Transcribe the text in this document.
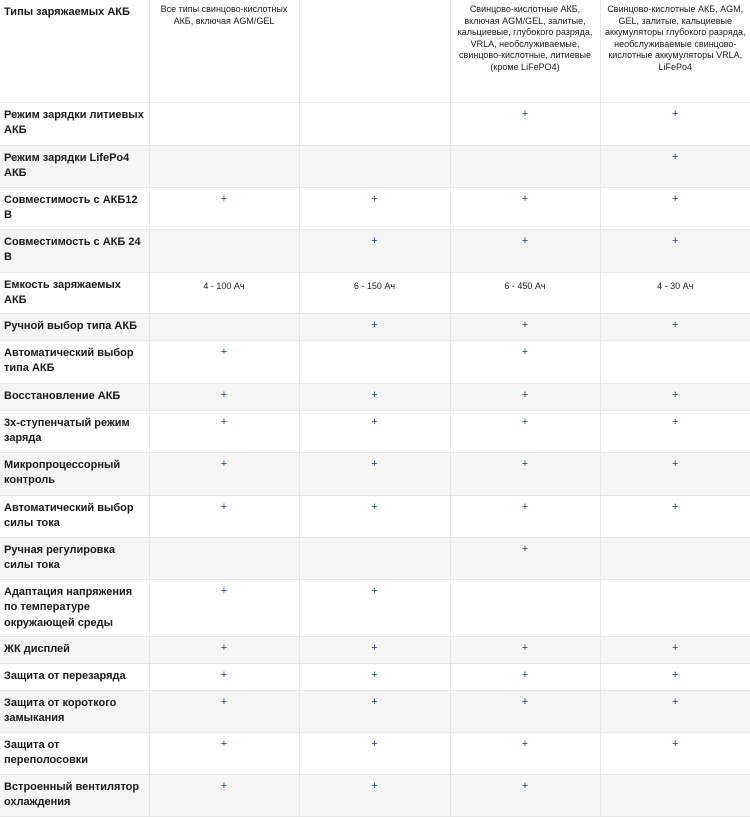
Типы заряжаемых АКБ	Все типы свинцово-кислотных АКБ, включая AGM/GEL		Свинцово-кислотные АКБ, включая AGM/GEL, залитые, кальциевые, глубокого разряда, VRLA, необслуживаемые, свинцово-кислотные, литиевые (кроме LiFePO4)	Свинцово-кислотные АКБ, AGM, GEL, залитые, кальциевые аккумуляторы глубокого разряда, необслуживаемые свинцово-кислотные аккумуляторы VRLA, LiFePo4
Режим зарядки литиевых АКБ			+	+
Режим зарядки LifePo4 АКБ				+
Совместимость с АКБ12 В	+	+	+	+
Совместимость с АКБ 24 В		+	+	+
Емкость заряжаемых АКБ	4 - 100 Ач	6 - 150 Ач	6 - 450 Ач	4 - 30 Ач
Ручной выбор типа АКБ		+	+	+
Автоматический выбор типа АКБ	+		+	
Восстановление АКБ	+	+	+	+
3х-ступенчатый режим заряда	+	+	+	+
Микропроцессорный контроль	+	+	+	+
Автоматический выбор силы тока	+	+	+	+
Ручная регулировка силы тока			+	
Адаптация напряжения по температуре окружающей среды	+	+		
ЖК дисплей	+	+	+	+
Защита от перезаряда	+	+	+	+
Защита от короткого замыкания	+	+	+	+
Защита от переполосовки	+	+	+	+
Встроенный вентилятор охлаждения	+	+	+	
